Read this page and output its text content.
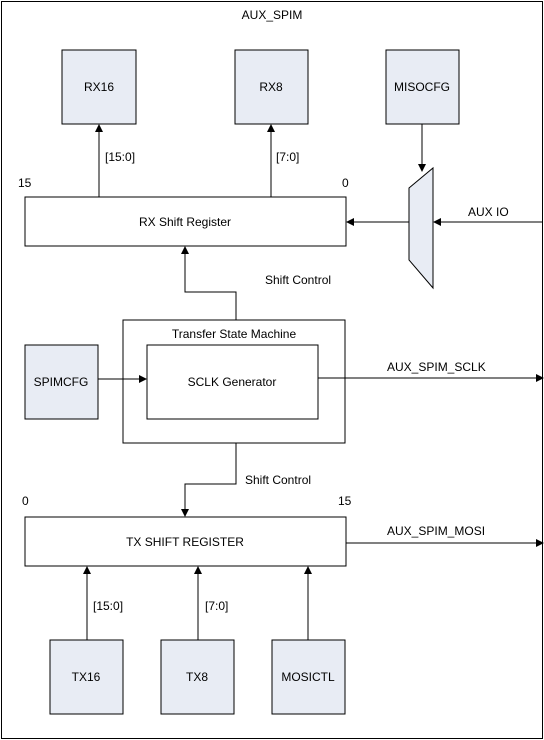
AUX_SPIM
RX16	RX8	MISOCFG
[15:0]	[7:0]
15	0
RX Shift Register
AUX IO
Shift Control
Transfer State Machine
SCLK Generator
SPIMCFG
AUX_SPIM_SCLK
Shift Control
0	15
TX SHIFT REGISTER
AUX_SPIM_MOSI
[15:0]	[7:0]
TX16	TX8	MOSICTL
